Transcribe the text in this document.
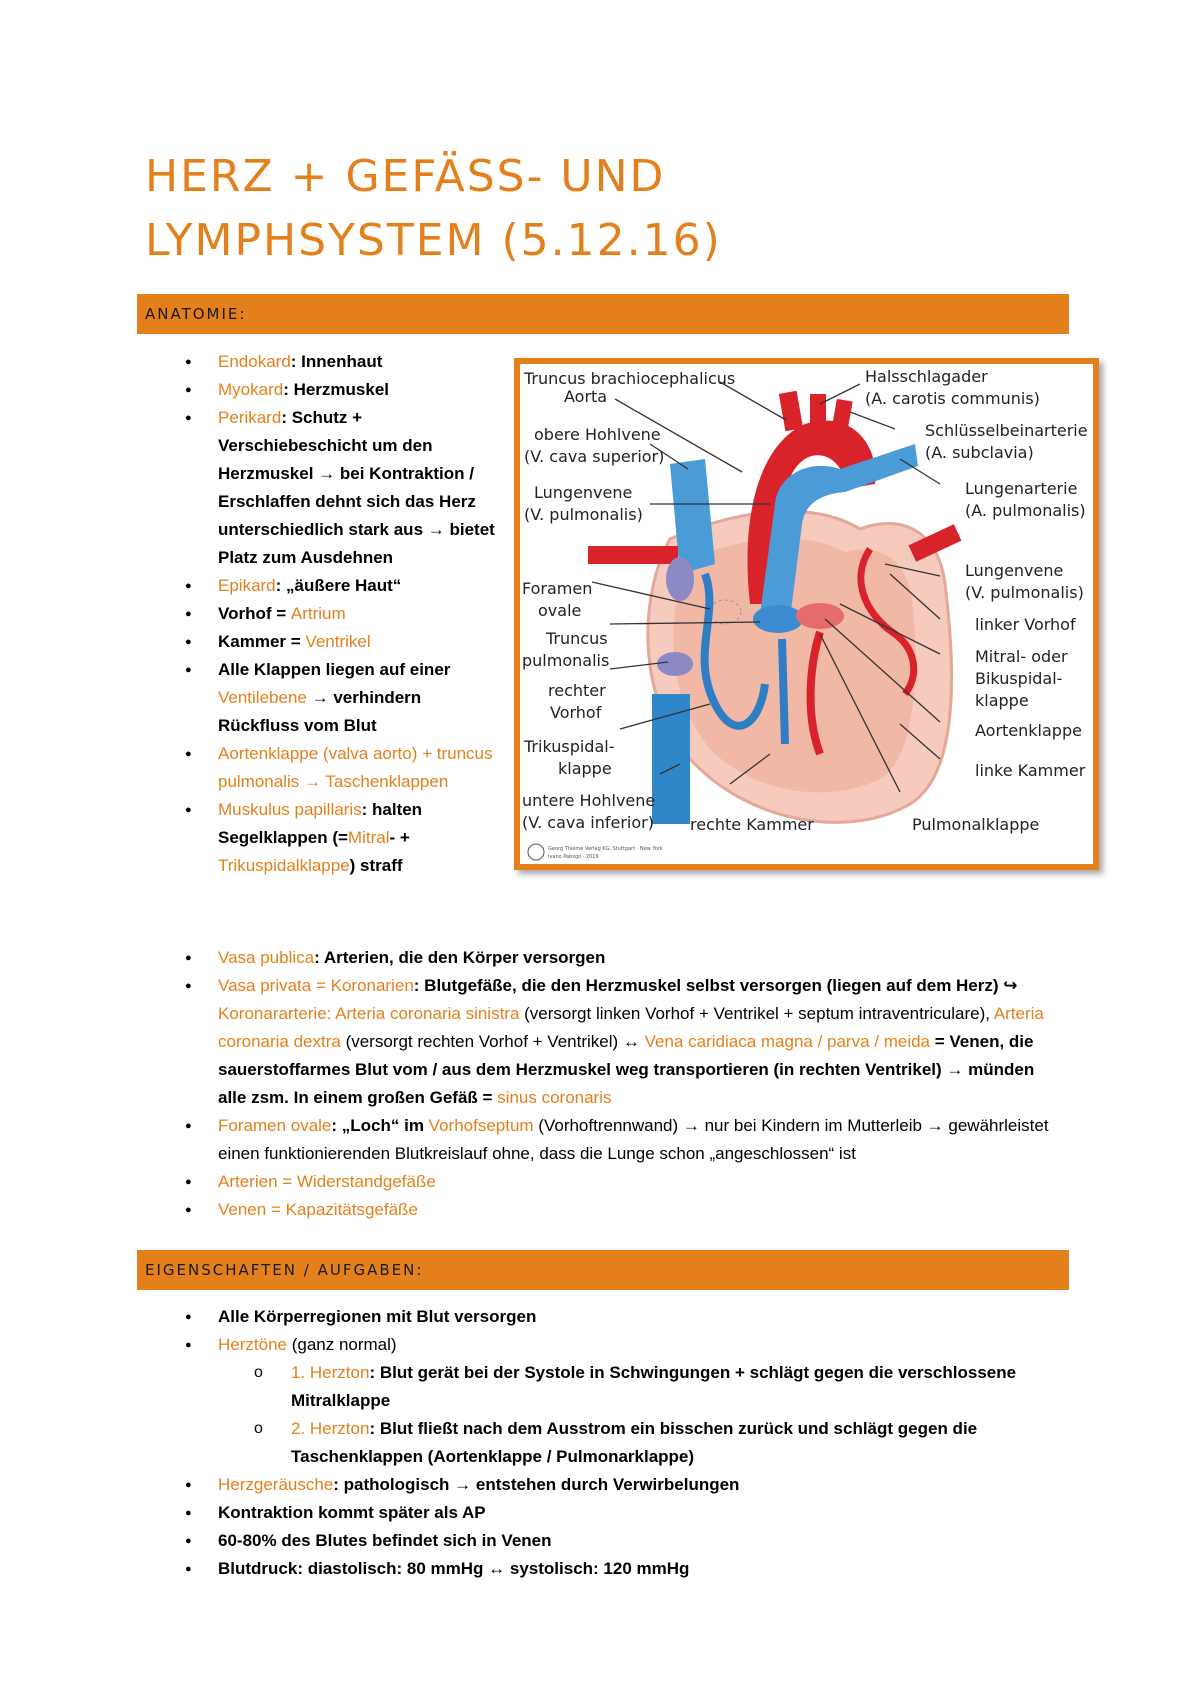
HERZ + GEFÄSS- UND
LYMPHSYSTEM (5.12.16)
ANATOMIE:
● Endokard: Innenhaut
● Myokard: Herzmuskel
● Perikard: Schutz + Verschiebeschicht um den Herzmuskel → bei Kontraktion / Erschlaffen dehnt sich das Herz unterschiedlich stark aus → bietet Platz zum Ausdehnen
● Epikard: „äußere Haut“
● Vorhof = Artrium
● Kammer = Ventrikel
● Alle Klappen liegen auf einer Ventilebene → verhindern Rückfluss vom Blut
● Aortenklappe (valva aorto) + truncus pulmonalis → Taschenklappen
● Muskulus papillaris: halten Segelklappen (=Mitral- + Trikuspidalklappe) straff
● Vasa publica: Arterien, die den Körper versorgen
● Vasa privata = Koronarien: Blutgefäße, die den Herzmuskel selbst versorgen (liegen auf dem Herz) ↪ Koronararterie: Arteria coronaria sinistra (versorgt linken Vorhof + Ventrikel + septum intraventriculare), Arteria coronaria dextra (versorgt rechten Vorhof + Ventrikel) ↔ Vena caridiaca magna / parva / meida = Venen, die sauerstoffarmes Blut vom / aus dem Herzmuskel weg transportieren (in rechten Ventrikel) → münden alle zsm. In einem großen Gefäß = sinus coronaris
● Foramen ovale: „Loch“ im Vorhofseptum (Vorhoftrennwand) → nur bei Kindern im Mutterleib → gewährleistet einen funktionierenden Blutkreislauf ohne, dass die Lunge schon „angeschlossen“ ist
● Arterien = Widerstandgefäße
● Venen = Kapazitätsgefäße
EIGENSCHAFTEN / AUFGABEN:
● Alle Körperregionen mit Blut versorgen
● Herztöne (ganz normal)
o 1. Herzton: Blut gerät bei der Systole in Schwingungen + schlägt gegen die verschlossene Mitralklappe
o 2. Herzton: Blut fließt nach dem Ausstrom ein bisschen zurück und schlägt gegen die Taschenklappen (Aortenklappe / Pulmonarklappe)
● Herzgeräusche: pathologisch → entstehen durch Verwirbelungen
● Kontraktion kommt später als AP
● 60-80% des Blutes befindet sich in Venen
● Blutdruck: diastolisch: 80 mmHg ↔ systolisch: 120 mmHg
Truncus brachiocephalicus
Aorta
obere Hohlvene
(V. cava superior)
Lungenvene
(V. pulmonalis)
Foramen
ovale
Truncus
pulmonalis
rechter
Vorhof
Trikuspidal-
klappe
untere Hohlvene
(V. cava inferior) rechte Kammer	Pulmonalklappe
Halsschlagader
(A. carotis communis)
Schlüsselbeinarterie
(A. subclavia)
Lungenarterie
(A. pulmonalis)
Lungenvene
(V. pulmonalis)
linker Vorhof
Mitral- oder
Bikuspidal-
klappe
Aortenklappe
linke Kammer
Georg Thieme Verlag KG, Stuttgart · New York
Ivano Pabsgo · 2019
